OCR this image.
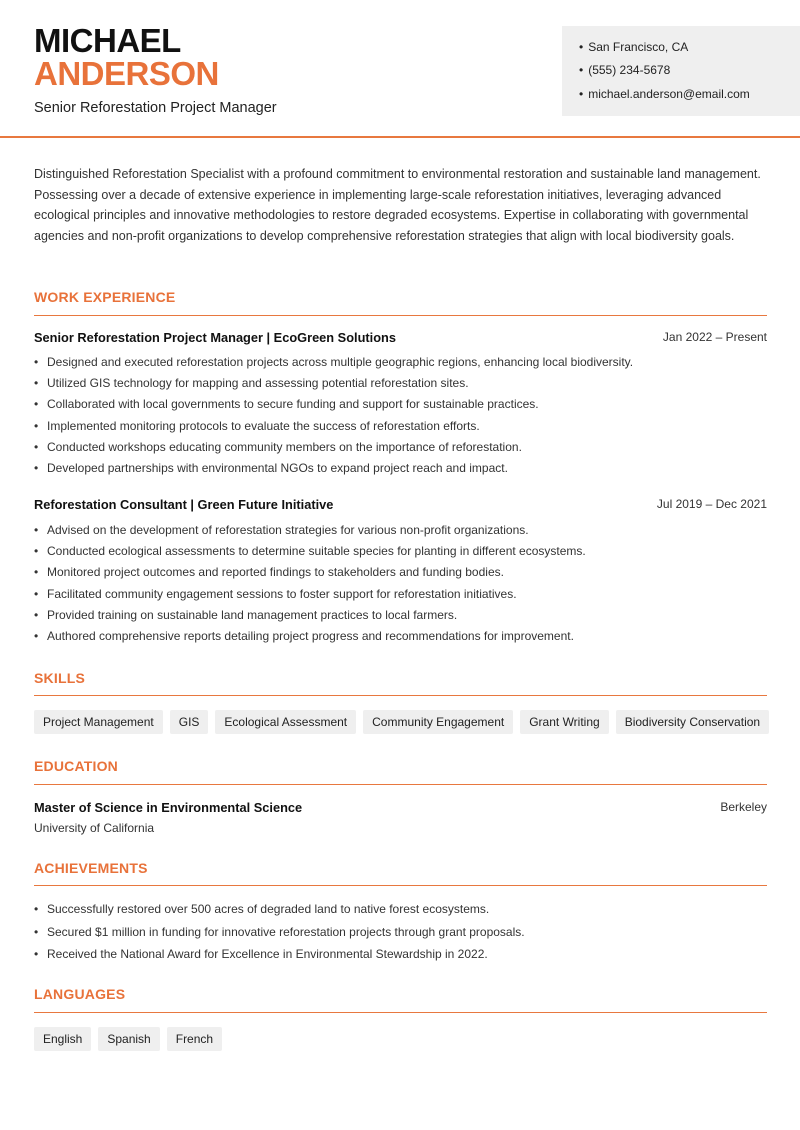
MICHAEL
ANDERSON
Senior Reforestation Project Manager
• San Francisco, CA
• (555) 234-5678
• michael.anderson@email.com
Distinguished Reforestation Specialist with a profound commitment to environmental restoration and sustainable land management. Possessing over a decade of extensive experience in implementing large-scale reforestation initiatives, leveraging advanced ecological principles and innovative methodologies to restore degraded ecosystems. Expertise in collaborating with governmental agencies and non-profit organizations to develop comprehensive reforestation strategies that align with local biodiversity goals.
WORK EXPERIENCE
Senior Reforestation Project Manager | EcoGreen Solutions	Jan 2022 – Present
• Designed and executed reforestation projects across multiple geographic regions, enhancing local biodiversity.
• Utilized GIS technology for mapping and assessing potential reforestation sites.
• Collaborated with local governments to secure funding and support for sustainable practices.
• Implemented monitoring protocols to evaluate the success of reforestation efforts.
• Conducted workshops educating community members on the importance of reforestation.
• Developed partnerships with environmental NGOs to expand project reach and impact.
Reforestation Consultant | Green Future Initiative	Jul 2019 – Dec 2021
• Advised on the development of reforestation strategies for various non-profit organizations.
• Conducted ecological assessments to determine suitable species for planting in different ecosystems.
• Monitored project outcomes and reported findings to stakeholders and funding bodies.
• Facilitated community engagement sessions to foster support for reforestation initiatives.
• Provided training on sustainable land management practices to local farmers.
• Authored comprehensive reports detailing project progress and recommendations for improvement.
SKILLS
Project Management	GIS	Ecological Assessment	Community Engagement	Grant Writing	Biodiversity Conservation
EDUCATION
Master of Science in Environmental Science	Berkeley
University of California
ACHIEVEMENTS
• Successfully restored over 500 acres of degraded land to native forest ecosystems.
• Secured $1 million in funding for innovative reforestation projects through grant proposals.
• Received the National Award for Excellence in Environmental Stewardship in 2022.
LANGUAGES
English	Spanish	French
